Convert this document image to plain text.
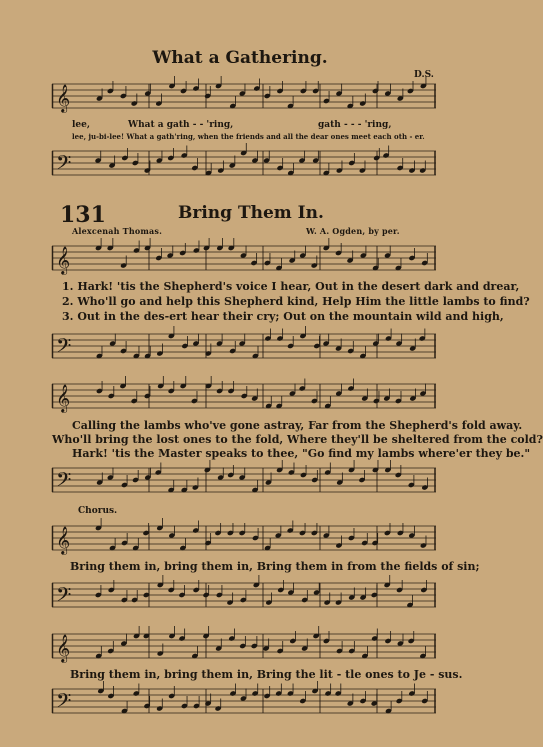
What a Gathering.
D.S.
𝄞
lee,	What a gath - - 'ring,	gath - - - 'ring,
lee, ju-bi-lee! What a gath'ring, when the friends and all the dear ones meet each oth - er.
𝄢
131	Bring Them In.
Alexcenah Thomas.	W. A. Ogden, by per.
𝄞
1. Hark! 'tis the Shepherd's voice I hear, Out in the desert dark and drear,
2. Who'll go and help this Shepherd kind, Help Him the little lambs to find?
3. Out in the des-ert hear their cry; Out on the mountain wild and high,
𝄢
𝄞
Calling the lambs who've gone astray, Far from the Shepherd's fold away.
Who'll bring the lost ones to the fold, Where they'll be sheltered from the cold?
Hark! 'tis the Master speaks to thee, "Go find my lambs where'er they be."
𝄢
Chorus.
𝄞
Bring them in, bring them in, Bring them in from the fields of sin;
𝄢
𝄞
Bring them in, bring them in, Bring the lit - tle ones to Je - sus.
𝄢
